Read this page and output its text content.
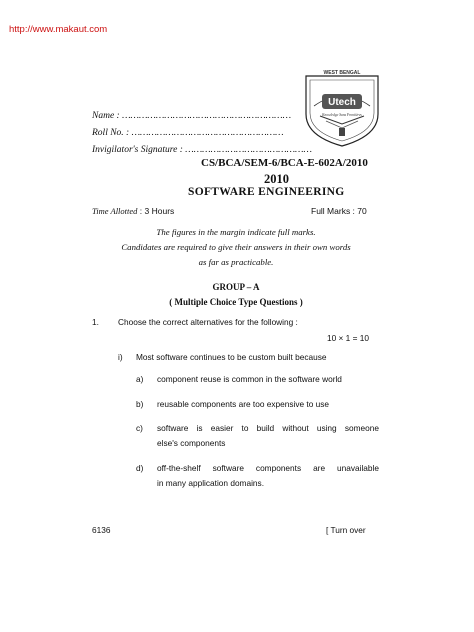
http://www.makaut.com
WEST BENGAL
Utech
Knowledge Sans Frontières
Name : ……………………………………………………
Roll No. : ………………………………………………
Invigilator's Signature : ………………………………………
CS/BCA/SEM-6/BCA-E-602A/2010
2010
SOFTWARE ENGINEERING
Time Allotted : 3 Hours	Full Marks : 70
The figures in the margin indicate full marks.
Candidates are required to give their answers in their own words
as far as practicable.
GROUP – A
( Multiple Choice Type Questions )
1. Choose the correct alternatives for the following :
10 × 1 = 10
i) Most software continues to be custom built because
a) component reuse is common in the software world
b) reusable components are too expensive to use
c) software is easier to build without using someone
else's components
d) off-the-shelf software components are unavailable
in many application domains.
6136	[ Turn over
